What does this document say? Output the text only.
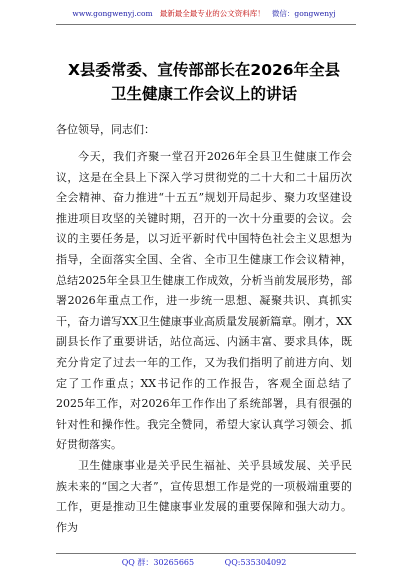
www.gongwenyj.com 最新最全最专业的公文资料库！ 微信：gongwenyj
X县委常委、宣传部部长在2026年全县
卫生健康工作会议上的讲话
各位领导，同志们：

今天，我们齐聚一堂召开2026年全县卫生健康工作会议，这是在全县上下深入学习贯彻党的二十大和二十届历次全会精神、奋力推进“十五五”规划开局起步、聚力攻坚建设推进项目攻坚的关键时期，召开的一次十分重要的会议。会议的主要任务是，以习近平新时代中国特色社会主义思想为指导，全面落实全国、全省、全市卫生健康工作会议精神，总结2025年全县卫生健康工作成效，分析当前发展形势，部署2026年重点工作，进一步统一思想、凝聚共识、真抓实干，奋力谱写XX卫生健康事业高质量发展新篇章。刚才，XX副县长作了重要讲话，站位高远、内涵丰富、要求具体，既充分肯定了过去一年的工作，又为我们指明了前进方向、划定了工作重点；XX书记作的工作报告，客观全面总结了2025年工作，对2026年工作作出了系统部署，具有很强的针对性和操作性。我完全赞同，希望大家认真学习领会、抓好贯彻落实。

卫生健康事业是关乎民生福祉、关乎县域发展、关乎民族未来的“国之大者”，宣传思想工作是党的一项极端重要的工作，更是推动卫生健康事业发展的重要保障和强大动力。作为

QQ 群：30265665	QQ:535304092
